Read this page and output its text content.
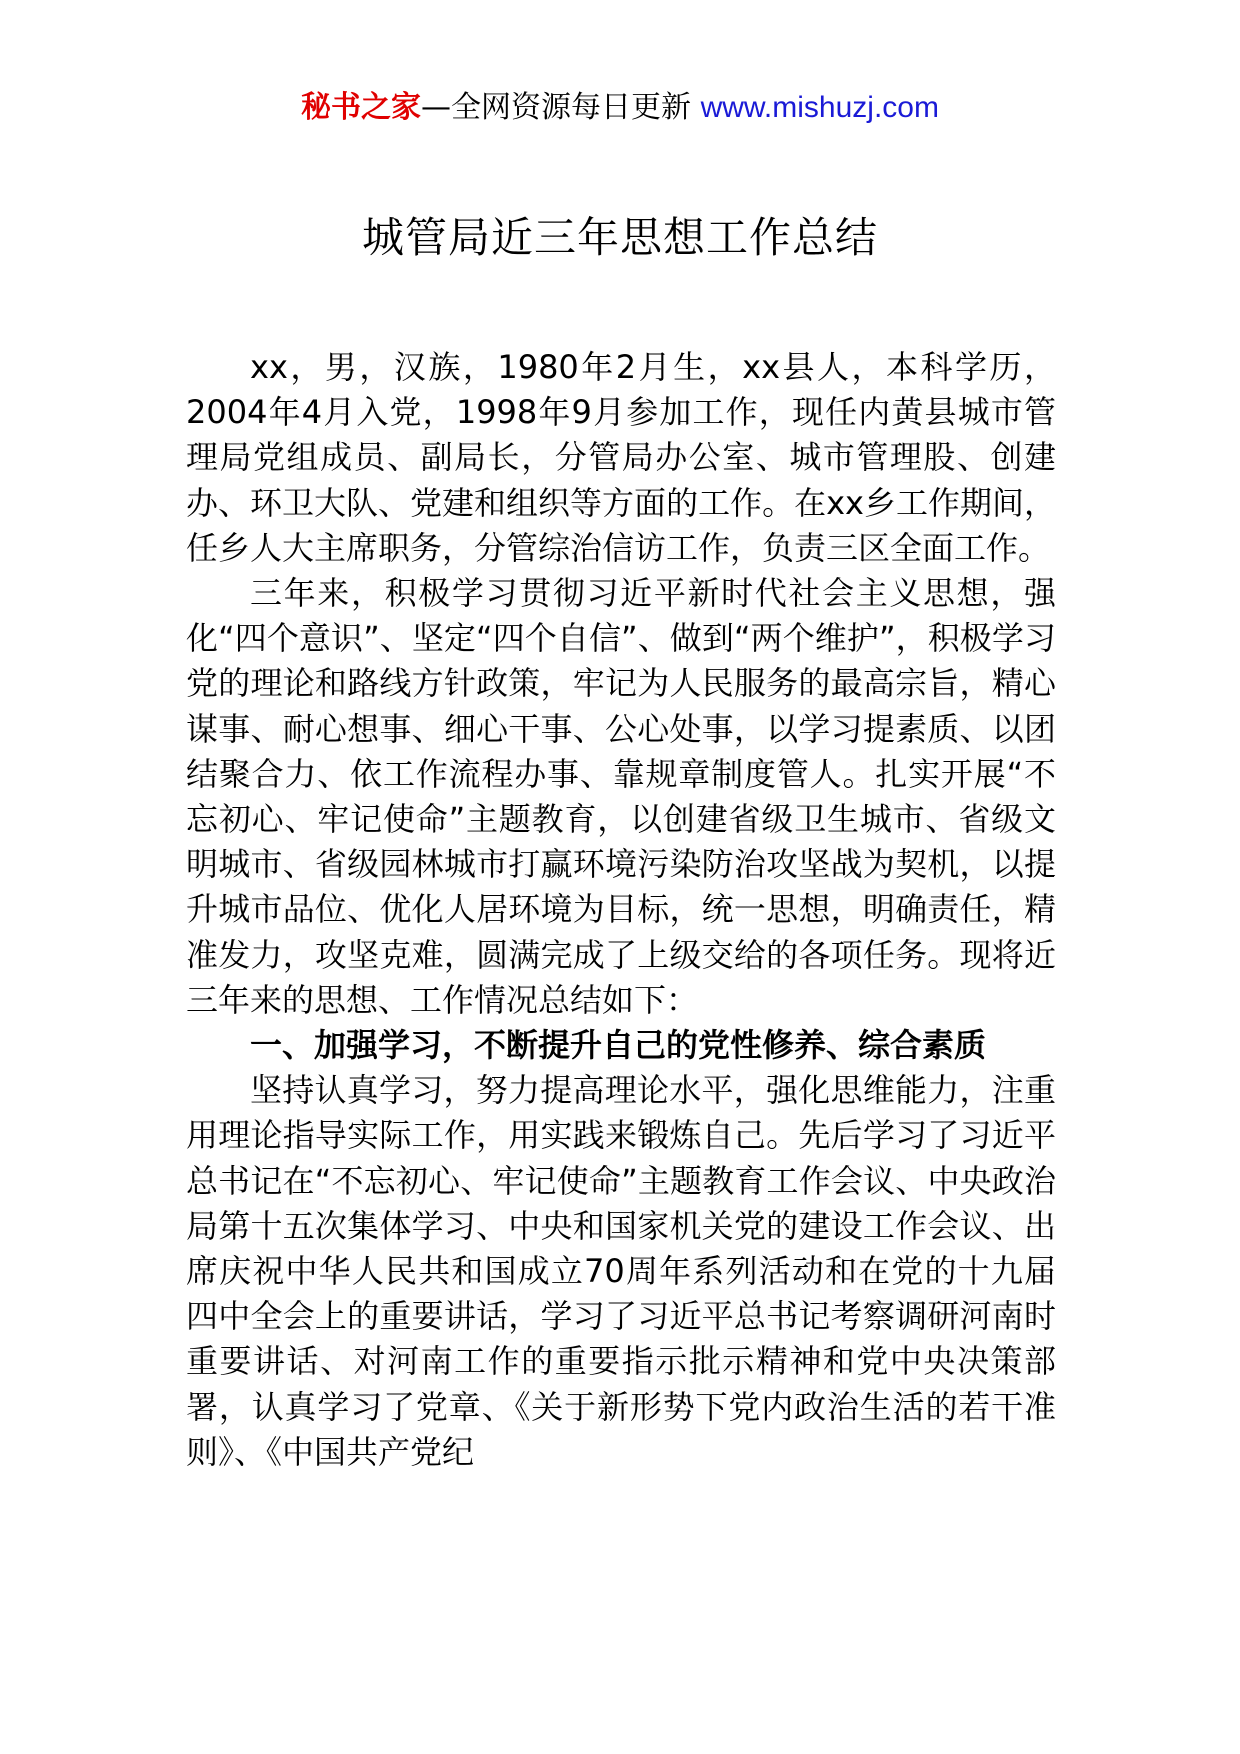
秘书之家—全网资源每日更新 www.mishuzj.com
城管局近三年思想工作总结

xx，男，汉族，1980年2月生，xx县人，本科学历，2004年4月入党，1998年9月参加工作，现任内黄县城市管理局党组成员、副局长，分管局办公室、城市管理股、创建办、环卫大队、党建和组织等方面的工作。在xx乡工作期间，任乡人大主席职务，分管综治信访工作，负责三区全面工作。

三年来，积极学习贯彻习近平新时代社会主义思想，强化“四个意识”、坚定“四个自信”、做到“两个维护”，积极学习党的理论和路线方针政策，牢记为人民服务的最高宗旨，精心谋事、耐心想事、细心干事、公心处事，以学习提素质、以团结聚合力、依工作流程办事、靠规章制度管人。扎实开展“不忘初心、牢记使命”主题教育，以创建省级卫生城市、省级文明城市、省级园林城市打赢环境污染防治攻坚战为契机，以提升城市品位、优化人居环境为目标，统一思想，明确责任，精准发力，攻坚克难，圆满完成了上级交给的各项任务。现将近三年来的思想、工作情况总结如下：

一、加强学习，不断提升自己的党性修养、综合素质

坚持认真学习，努力提高理论水平，强化思维能力，注重用理论指导实际工作，用实践来锻炼自己。先后学习了习近平总书记在“不忘初心、牢记使命”主题教育工作会议、中央政治局第十五次集体学习、中央和国家机关党的建设工作会议、出席庆祝中华人民共和国成立70周年系列活动和在党的十九届四中全会上的重要讲话，学习了习近平总书记考察调研河南时重要讲话、对河南工作的重要指示批示精神和党中央决策部署，认真学习了党章、《关于新形势下党内政治生活的若干准则》、《中国共产党纪
